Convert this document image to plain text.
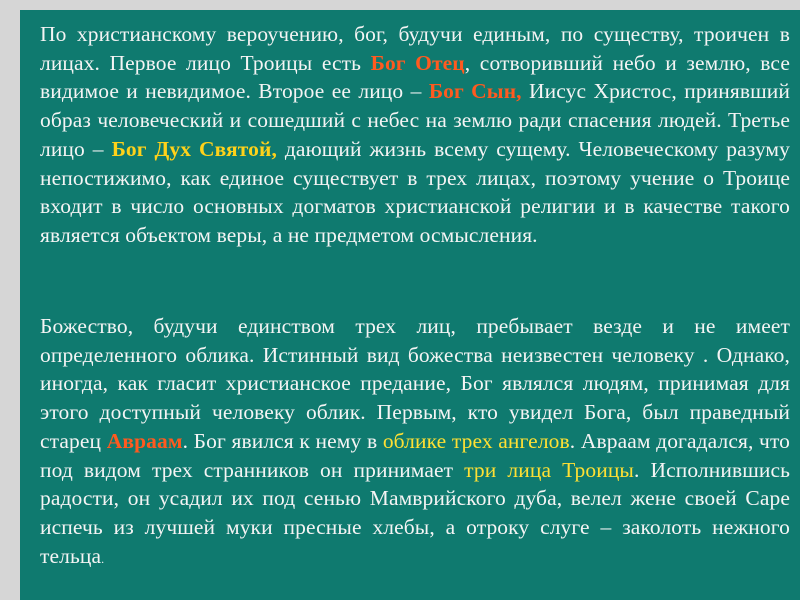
По христианскому вероучению, бог, будучи единым, по существу, троичен в лицах. Первое лицо Троицы есть Бог Отец, сотворивший небо и землю, все видимое и невидимое. Второе ее лицо – Бог Сын, Иисус Христос, принявший образ человеческий и сошедший с небес на землю ради спасения людей. Третье лицо – Бог Дух Святой, дающий жизнь всему сущему. Человеческому разуму непостижимо, как единое существует в трех лицах, поэтому учение о Троице входит в число основных догматов христианской религии и в качестве такого является объектом веры, а не предметом осмысления.

Божество, будучи единством трех лиц, пребывает везде и не имеет определенного облика. Истинный вид божества неизвестен человеку . Однако, иногда, как гласит христианское предание, Бог являлся людям, принимая для этого доступный человеку облик. Первым, кто увидел Бога, был праведный старец Авраам. Бог явился к нему в облике трех ангелов. Авраам догадался, что под видом трех странников он принимает три лица Троицы. Исполнившись радости, он усадил их под сенью Мамврийского дуба, велел жене своей Саре испечь из лучшей муки пресные хлебы, а отроку слуге – заколоть нежного тельца.
